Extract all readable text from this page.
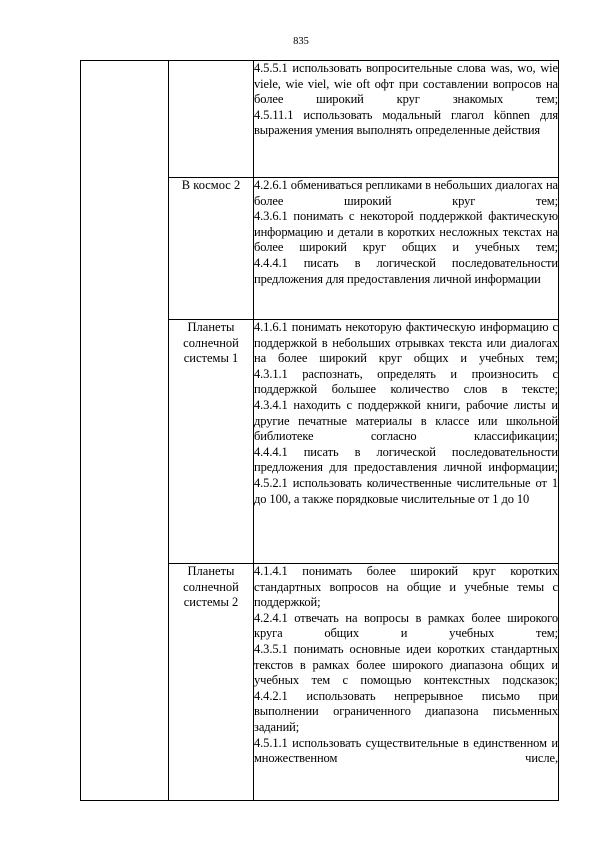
835

		4.5.5.1 использовать вопросительные слова was, wo, wie viele, wie viel, wie oft офт при составлении вопросов на более широкий круг знакомых тем;
4.5.11.1 использовать модальный глагол können для выражения умения выполнять определенные действия

	В космос 2	4.2.6.1 обмениваться репликами в небольших диалогах на более широкий круг тем;
4.3.6.1 понимать с некоторой поддержкой фактическую информацию и детали в коротких несложных текстах на более широкий круг общих и учебных тем;
4.4.4.1 писать в логической последовательности предложения для предоставления личной информации

	Планеты солнечной системы 1	4.1.6.1 понимать некоторую фактическую информацию с поддержкой в небольших отрывках текста или диалогах на более широкий круг общих и учебных тем;
4.3.1.1 распознать, определять и произносить с поддержкой большее количество слов в тексте;
4.3.4.1 находить с поддержкой книги, рабочие листы и другие печатные материалы в классе или школьной библиотеке согласно классификации;
4.4.4.1 писать в логической последовательности предложения для предоставления личной информации;
4.5.2.1 использовать количественные числительные от 1 до 100, а также порядковые числительные от 1 до 10

	Планеты солнечной системы 2	4.1.4.1 понимать более широкий круг коротких стандартных вопросов на общие и учебные темы с поддержкой;
4.2.4.1 отвечать на вопросы в рамках более широкого круга общих и учебных тем;
4.3.5.1 понимать основные идеи коротких стандартных текстов в рамках более широкого диапазона общих и учебных тем с помощью контекстных подсказок;
4.4.2.1 использовать непрерывное письмо при выполнении ограниченного диапазона письменных заданий;
4.5.1.1 использовать существительные в единственном и множественном числе,
